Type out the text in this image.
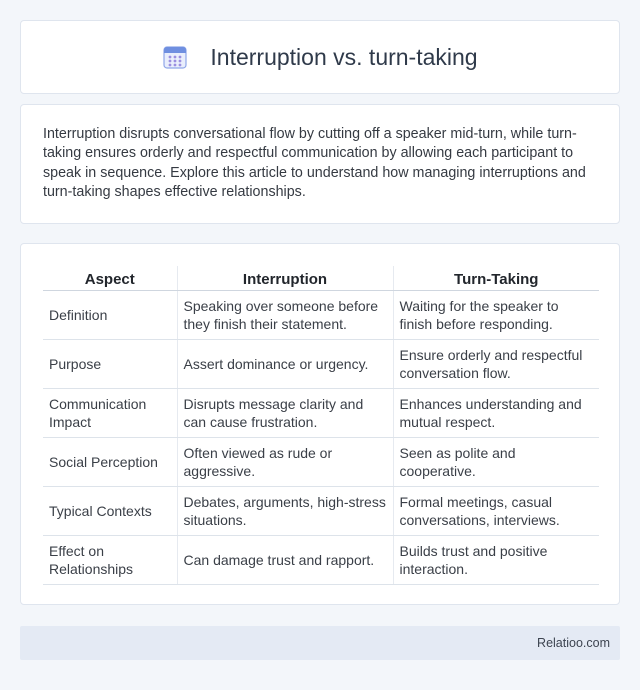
Interruption vs. turn-taking

Interruption disrupts conversational flow by cutting off a speaker mid-turn, while turn-taking ensures orderly and respectful communication by allowing each participant to speak in sequence. Explore this article to understand how managing interruptions and turn-taking shapes effective relationships.

Aspect	Interruption	Turn-Taking
Definition	Speaking over someone before they finish their statement.	Waiting for the speaker to finish before responding.
Purpose	Assert dominance or urgency.	Ensure orderly and respectful conversation flow.
Communication Impact	Disrupts message clarity and can cause frustration.	Enhances understanding and mutual respect.
Social Perception	Often viewed as rude or aggressive.	Seen as polite and cooperative.
Typical Contexts	Debates, arguments, high-stress situations.	Formal meetings, casual conversations, interviews.
Effect on Relationships	Can damage trust and rapport.	Builds trust and positive interaction.
Relatioo.com
